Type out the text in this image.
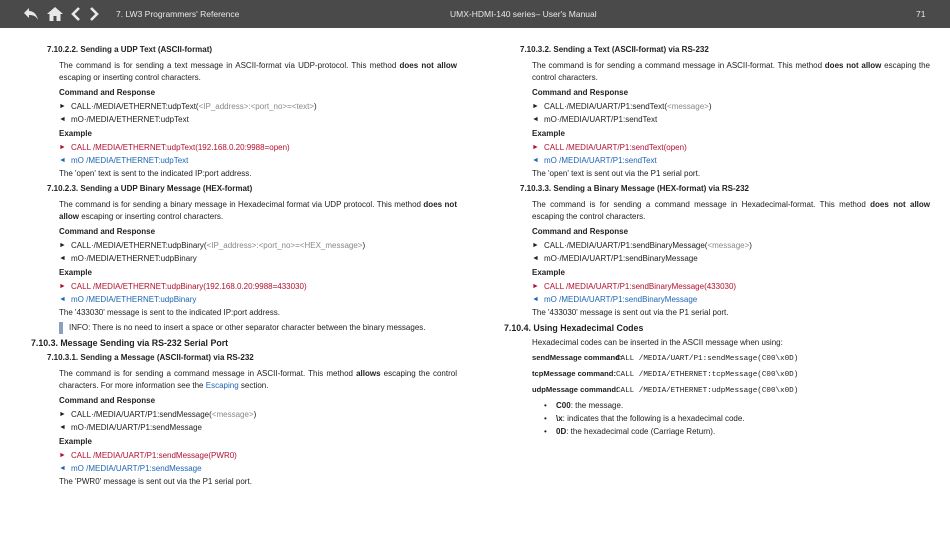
7. LW3 Programmers' Reference	UMX-HDMI-140 series– User's Manual	71
7.10.2.2. Sending a UDP Text (ASCII-format)
The command is for sending a text message in ASCII-format via UDP-protocol. This method does not allow escaping or inserting control characters.
Command and Response
► CALL·/MEDIA/ETHERNET:udpText(<IP_address>:<port_no>=<text>)
◄ mO·/MEDIA/ETHERNET:udpText
Example
► CALL /MEDIA/ETHERNET:udpText(192.168.0.20:9988=open)
◄ mO /MEDIA/ETHERNET:udpText
The 'open' text is sent to the indicated IP:port address.
7.10.2.3. Sending a UDP Binary Message (HEX-format)
The command is for sending a binary message in Hexadecimal format via UDP protocol. This method does not allow escaping or inserting control characters.
Command and Response
► CALL·/MEDIA/ETHERNET:udpBinary(<IP_address>:<port_no>=<HEX_message>)
◄ mO·/MEDIA/ETHERNET:udpBinary
Example
► CALL /MEDIA/ETHERNET:udpBinary(192.168.0.20:9988=433030)
◄ mO /MEDIA/ETHERNET:udpBinary
The '433030' message is sent to the indicated IP:port address.
INFO: There is no need to insert a space or other separator character between the binary messages.
7.10.3. Message Sending via RS-232 Serial Port
7.10.3.1. Sending a Message (ASCII-format) via RS-232
The command is for sending a command message in ASCII-format. This method allows escaping the control characters. For more information see the Escaping section.
Command and Response
► CALL·/MEDIA/UART/P1:sendMessage(<message>)
◄ mO·/MEDIA/UART/P1:sendMessage
Example
► CALL /MEDIA/UART/P1:sendMessage(PWR0)
◄ mO /MEDIA/UART/P1:sendMessage
The 'PWR0' message is sent out via the P1 serial port.
7.10.3.2. Sending a Text (ASCII-format) via RS-232
The command is for sending a command message in ASCII-format. This method does not allow escaping the control characters.
Command and Response
► CALL·/MEDIA/UART/P1:sendText(<message>)
◄ mO·/MEDIA/UART/P1:sendText
Example
► CALL /MEDIA/UART/P1:sendText(open)
◄ mO /MEDIA/UART/P1:sendText
The 'open' text is sent out via the P1 serial port.
7.10.3.3. Sending a Binary Message (HEX-format) via RS-232
The command is for sending a command message in Hexadecimal-format. This method does not allow escaping the control characters.
Command and Response
► CALL·/MEDIA/UART/P1:sendBinaryMessage(<message>)
◄ mO·/MEDIA/UART/P1:sendBinaryMessage
Example
► CALL /MEDIA/UART/P1:sendBinaryMessage(433030)
◄ mO /MEDIA/UART/P1:sendBinaryMessage
The '433030' message is sent out via the P1 serial port.
7.10.4. Using Hexadecimal Codes
Hexadecimal codes can be inserted in the ASCII message when using:
sendMessage command:CALL /MEDIA/UART/P1:sendMessage(C00\x0D)
tcpMessage command:CALL /MEDIA/ETHERNET:tcpMessage(C00\x0D)
udpMessage command:CALL /MEDIA/ETHERNET:udpMessage(C00\x0D)
• C00: the message.
• \x: indicates that the following is a hexadecimal code.
• 0D: the hexadecimal code (Carriage Return).
